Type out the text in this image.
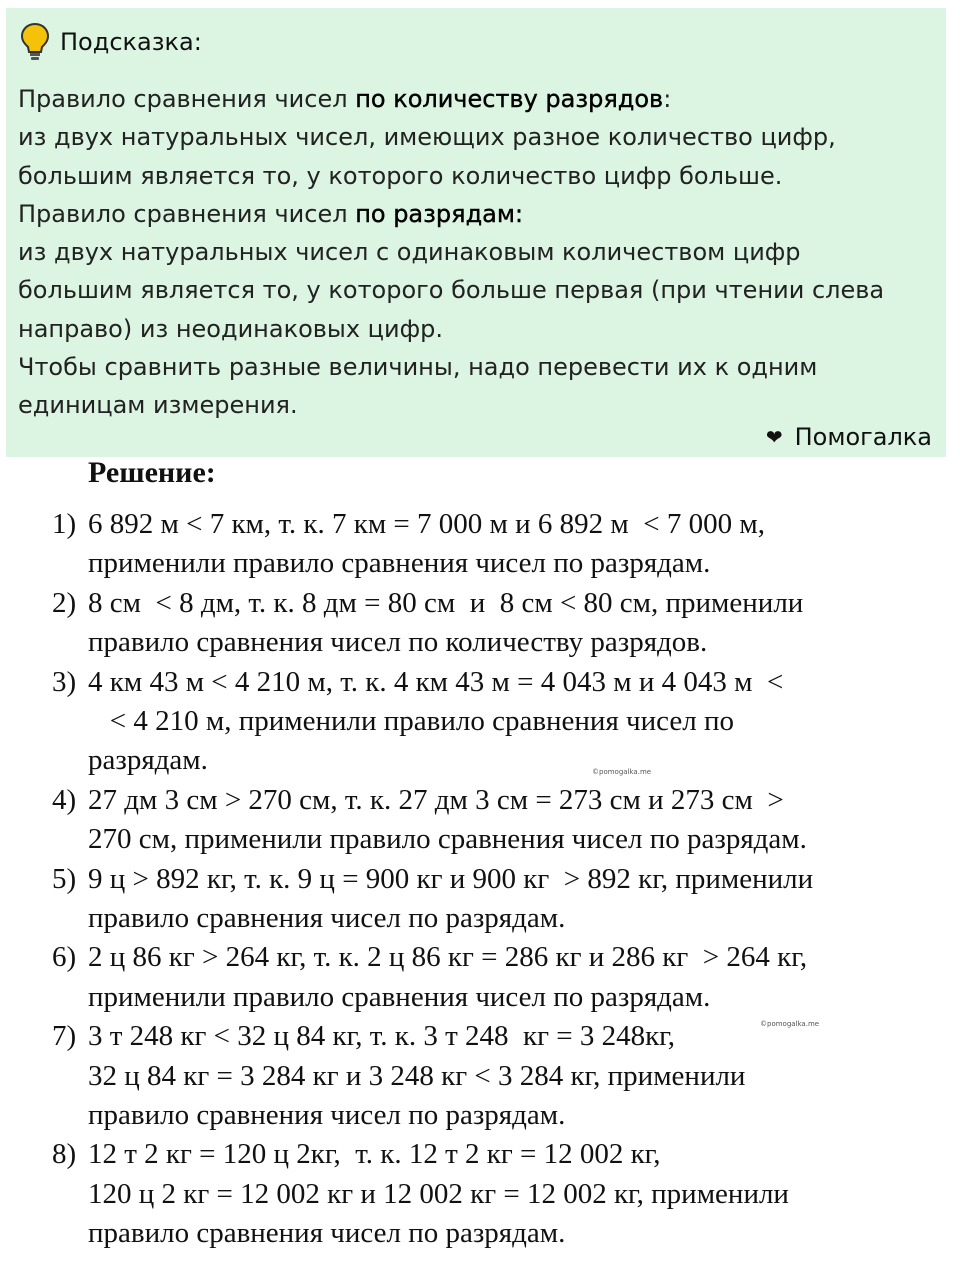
Подсказка:

Правило сравнения чисел по количеству разрядов:

из двух натуральных чисел, имеющих разное количество цифр,

большим является то, у которого количество цифр больше.

Правило сравнения чисел по разрядам:

из двух натуральных чисел с одинаковым количеством цифр

большим является то, у которого больше первая (при чтении слева

направо) из неодинаковых цифр.

Чтобы сравнить разные величины, надо перевести их к одним

единицам измерения.

❤ Помогалка
Решение:
©pomogalka.me
©pomogalka.me
1) 6 892 м < 7 км, т. к. 7 км = 7 000 м и 6 892 м  < 7 000 м,
применили правило сравнения чисел по разрядам.
2) 8 см  < 8 дм, т. к. 8 дм = 80 см  и  8 см < 80 см, применили
правило сравнения чисел по количеству разрядов.
3) 4 км 43 м < 4 210 м, т. к. 4 км 43 м = 4 043 м и 4 043 м  <
< 4 210 м, применили правило сравнения чисел по
разрядам.
4) 27 дм 3 см > 270 см, т. к. 27 дм 3 см = 273 см и 273 см  >
270 см, применили правило сравнения чисел по разрядам.
5) 9 ц > 892 кг, т. к. 9 ц = 900 кг и 900 кг  > 892 кг, применили
правило сравнения чисел по разрядам.
6) 2 ц 86 кг > 264 кг, т. к. 2 ц 86 кг = 286 кг и 286 кг  > 264 кг,
применили правило сравнения чисел по разрядам.
7) 3 т 248 кг < 32 ц 84 кг, т. к. 3 т 248  кг = 3 248кг,
32 ц 84 кг = 3 284 кг и 3 248 кг < 3 284 кг, применили
правило сравнения чисел по разрядам.
8) 12 т 2 кг = 120 ц 2кг,  т. к. 12 т 2 кг = 12 002 кг,
120 ц 2 кг = 12 002 кг и 12 002 кг = 12 002 кг, применили
правило сравнения чисел по разрядам.
